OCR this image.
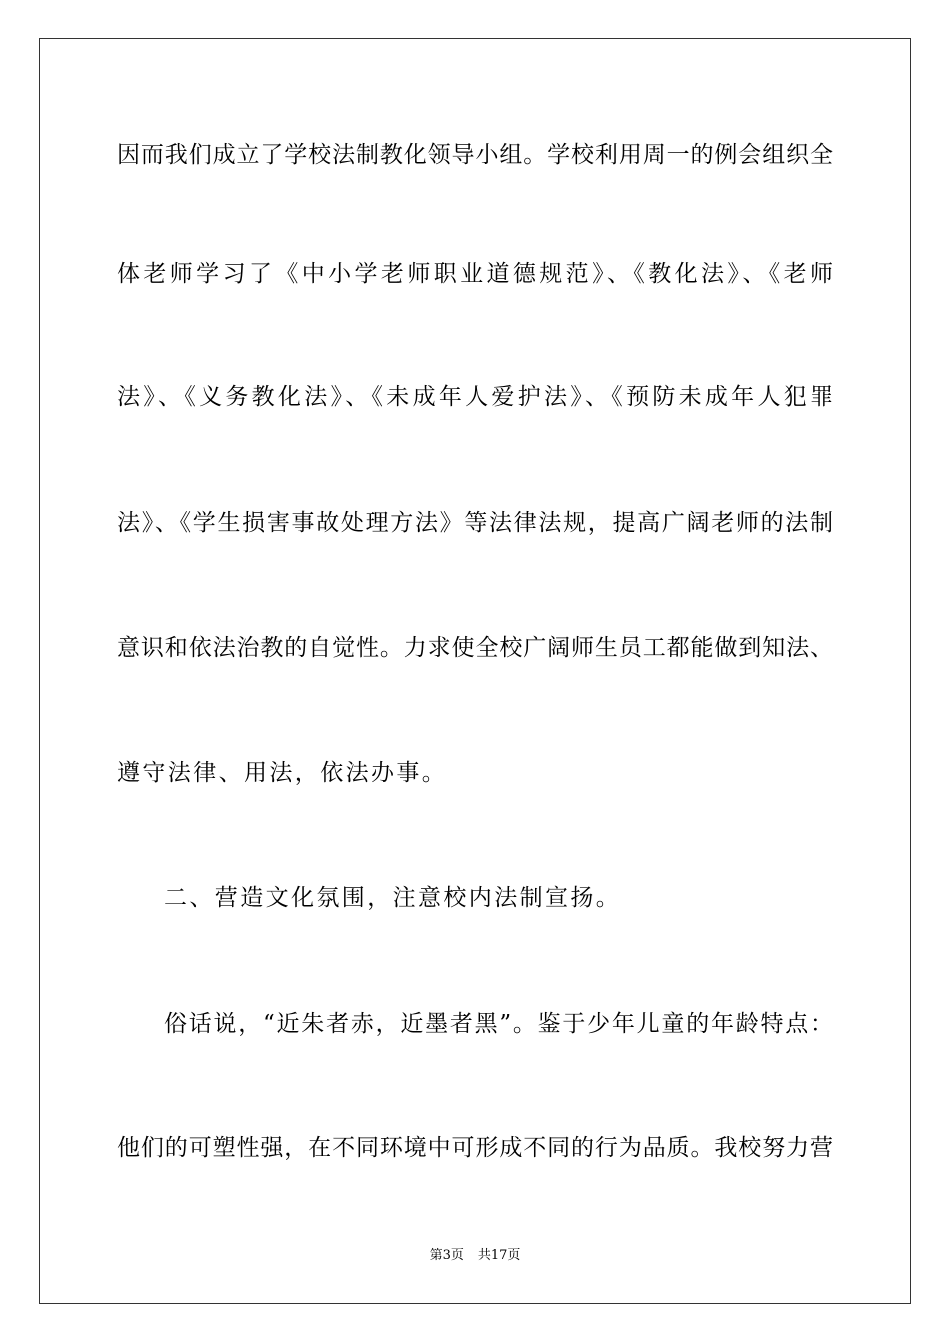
因而我们成立了学校法制教化领导小组。学校利用周一的例会组织全
体老师学习了《中小学老师职业道德规范》、《教化法》、《老师
法》、《义务教化法》、《未成年人爱护法》、《预防未成年人犯罪
法》、《学生损害事故处理方法》等法律法规，提高广阔老师的法制
意识和依法治教的自觉性。力求使全校广阔师生员工都能做到知法、
遵守法律、用法，依法办事。
二、营造文化氛围，注意校内法制宣扬。
俗话说，“近朱者赤，近墨者黑”。鉴于少年儿童的年龄特点：
他们的可塑性强，在不同环境中可形成不同的行为品质。我校努力营
第3页 共17页
